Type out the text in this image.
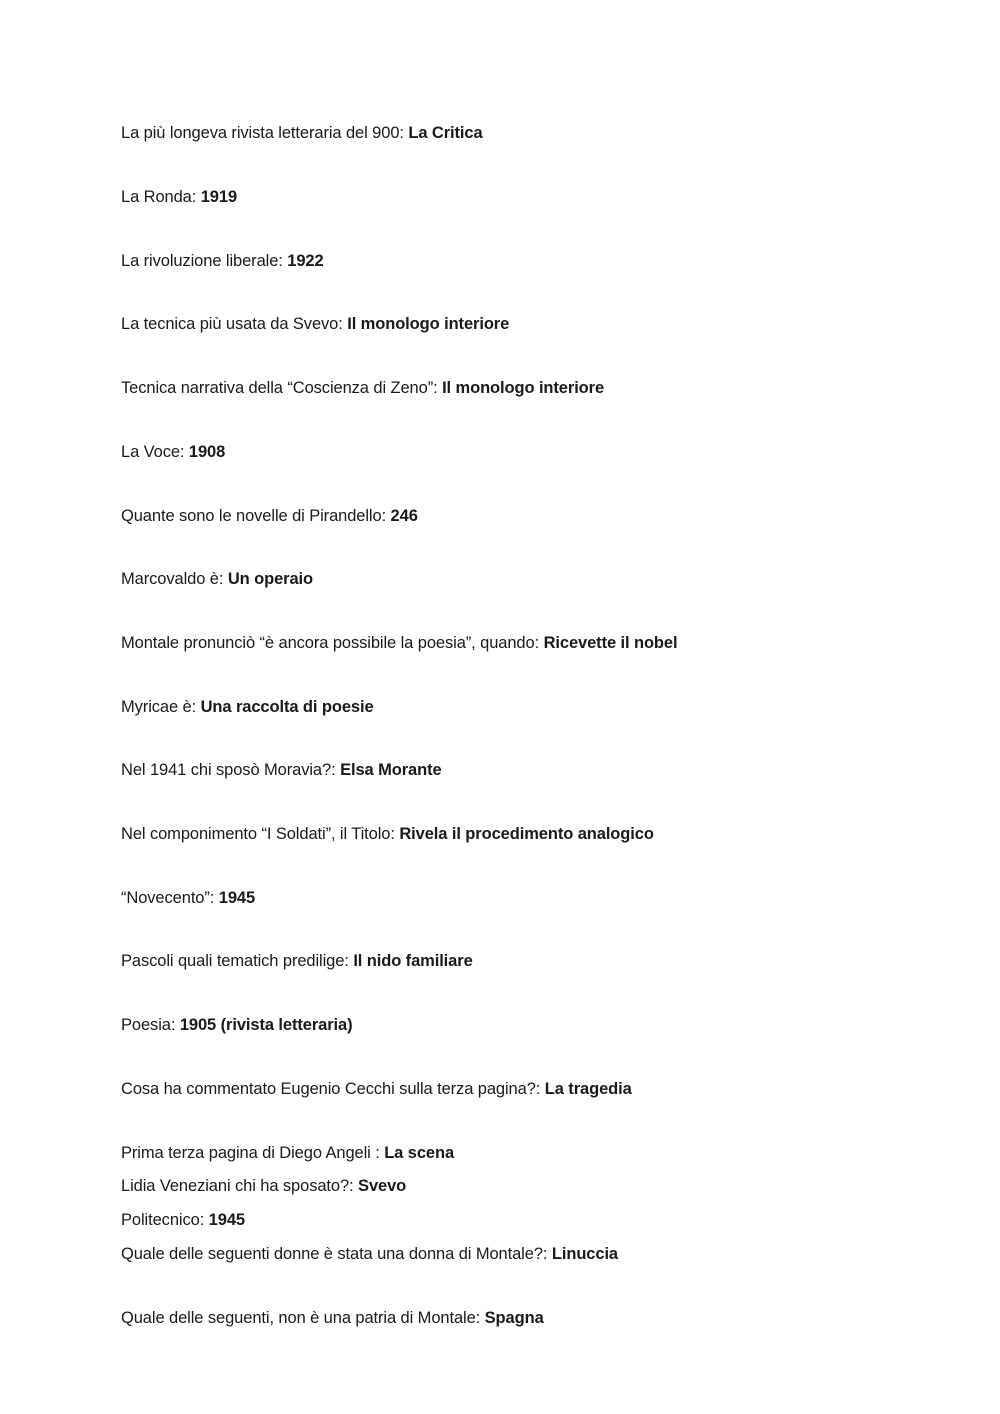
La più longeva rivista letteraria del 900: La Critica
La Ronda: 1919
La rivoluzione liberale: 1922
La tecnica più usata da Svevo: Il monologo interiore
Tecnica narrativa della “Coscienza di Zeno”: Il monologo interiore
La Voce: 1908
Quante sono le novelle di Pirandello: 246
Marcovaldo è: Un operaio
Montale pronunciò “è ancora possibile la poesia”, quando: Ricevette il nobel
Myricae è: Una raccolta di poesie
Nel 1941 chi sposò Moravia?: Elsa Morante
Nel componimento “I Soldati”, il Titolo: Rivela il procedimento analogico
“Novecento”: 1945
Pascoli quali tematich predilige: Il nido familiare
Poesia: 1905 (rivista letteraria)
Cosa ha commentato Eugenio Cecchi sulla terza pagina?: La tragedia
Prima terza pagina di Diego Angeli : La scena
Lidia Veneziani chi ha sposato?: Svevo
Politecnico: 1945
Quale delle seguenti donne è stata una donna di Montale?: Linuccia
Quale delle seguenti, non è una patria di Montale: Spagna
